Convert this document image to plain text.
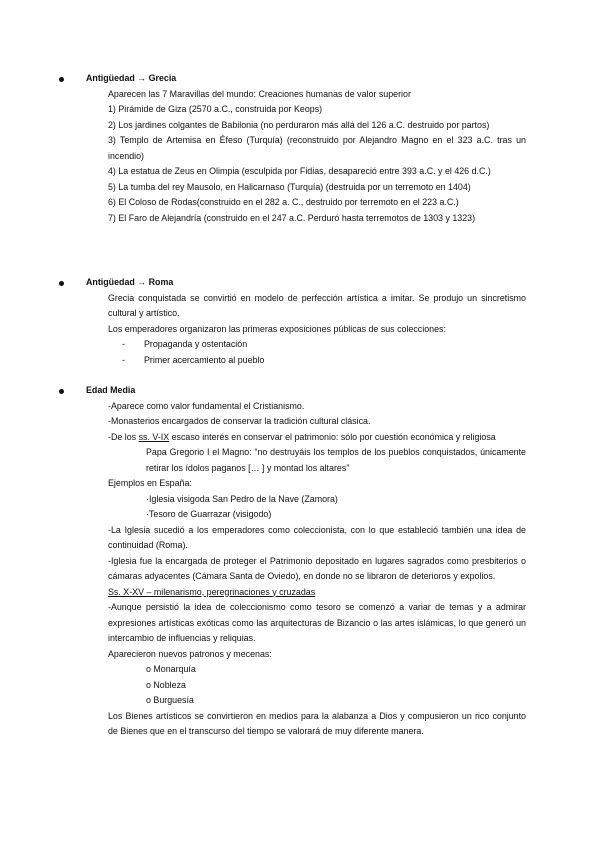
Antigüedad → Grecia

Aparecen las 7 Maravillas del mundo: Creaciones humanas de valor superior

1) Pirámide de Giza (2570 a.C., construida por Keops)

2) Los jardines colgantes de Babilonia (no perduraron más allá del 126 a.C. destruido por partos)

3) Templo de Artemisa en Éfeso (Turquía) (reconstruido por Alejandro Magno en el 323 a.C. tras un incendio)

4) La estatua de Zeus en Olimpia (esculpida por Fidias, desapareció entre 393 a.C. y el 426 d.C.)

5) La tumba del rey Mausolo, en Halicarnaso (Turquía) (destruida por un terremoto en 1404)

6) El Coloso de Rodas(construido en el 282 a. C., destruido por terremoto en el 223 a.C.)

7) El Faro de Alejandría (construido en el 247 a.C. Perduró hasta terremotos de 1303 y 1323)

Antigüedad → Roma

Grecia conquistada se convirtió en modelo de perfección artística a imitar. Se produjo un sincretismo cultural y artístico.

Los emperadores organizaron las primeras exposiciones públicas de sus colecciones:

- Propaganda y ostentación
- Primer acercamiento al pueblo
Edad Media

-Aparece como valor fundamental el Cristianismo.

-Monasterios encargados de conservar la tradición cultural clásica.

-De los ss. V-IX escaso interés en conservar el patrimonio: sólo por cuestión económica y religiosa

Papa Gregorio I el Magno: “no destruyáis los templos de los pueblos conquistados, únicamente retirar los ídolos paganos [… ] y montad los altares”

Ejemplos en España:

·Iglesia visigoda San Pedro de la Nave (Zamora)

·Tesoro de Guarrazar (visigodo)

-La Iglesia sucedió a los emperadores como coleccionista, con lo que estableció también una idea de continuidad (Roma).

-Iglesia fue la encargada de proteger el Patrimonio depositado en lugares sagrados como presbiterios o cámaras adyacentes (Cámara Santa de Oviedo), en donde no se libraron de deterioros y expolios.

Ss. X-XV – milenarismo, peregrinaciones y cruzadas

-Aunque persistió la idea de coleccionismo como tesoro se comenzó a variar de temas y a admirar expresiones artísticas exóticas como las arquitecturas de Bizancio o las artes islámicas, lo que generó un intercambio de influencias y reliquias.

Aparecieron nuevos patronos y mecenas:

o Monarquía

o Nobleza

o Burguesía

Los Bienes artísticos se convirtieron en medios para la alabanza a Dios y compusieron un rico conjunto de Bienes que en el transcurso del tiempo se valorará de muy diferente manera.
